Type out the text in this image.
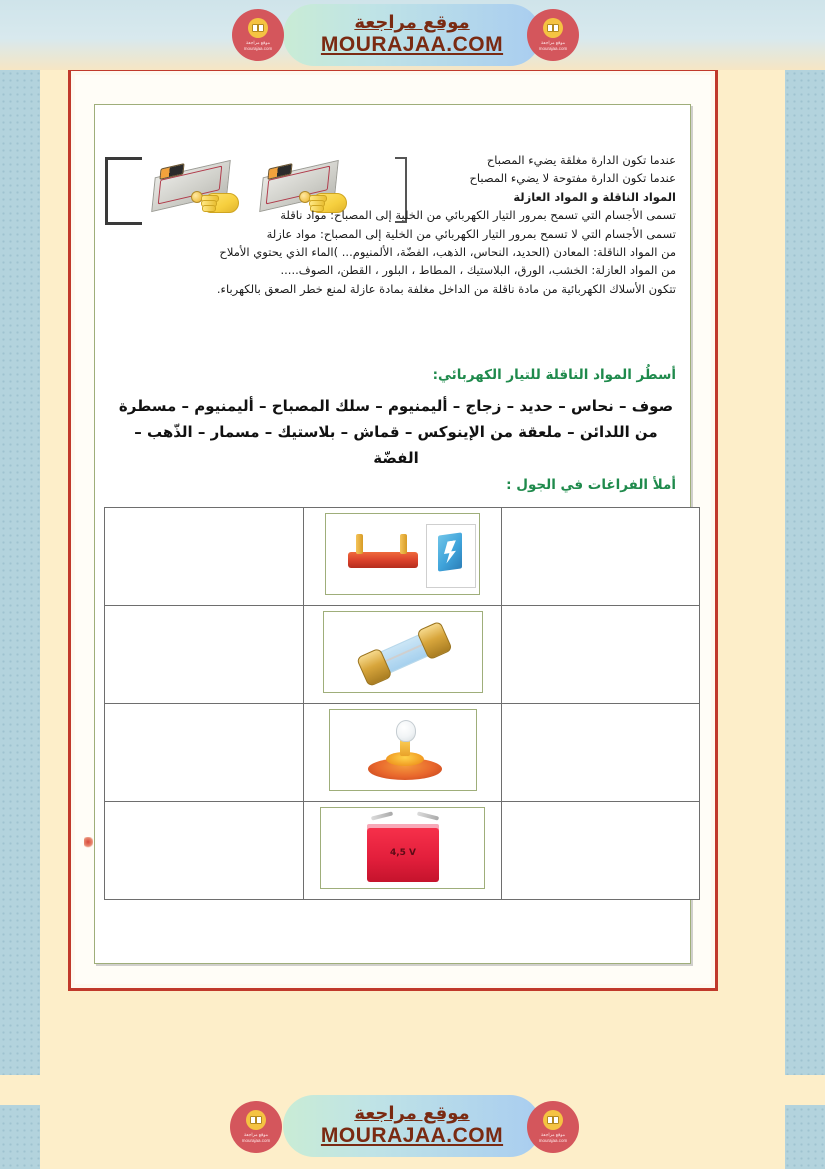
موقع مراجعة
MOURAJAA.COM
موقع مراجعة
mourajaa.com
موقع مراجعة
mourajaa.com
عندما تكون الدارة مغلقة يضيء المصباح
عندما تكون الدارة مفتوحة لا يضيء المصباح
المواد الناقلة و المواد العازلة
تسمى الأجسام التي تسمح بمرور التيار الكهربائي من الخلية إلى المصباح: مواد ناقلة
تسمى الأجسام التي لا تسمح بمرور التيار الكهربائي من الخلية إلى المصباح: مواد عازلة
من المواد الناقلة: المعادن (الحديد، النحاس، الذهب، الفضّة، الألمنيوم... )الماء الذي يحتوي الأملاح
من المواد العازلة: الخشب، الورق، البلاستيك ، المطاط ، البلور ، القطن، الصوف.....
تتكون الأسلاك الكهربائية من مادة ناقلة من الداخل مغلفة بمادة عازلة لمنع خطر الصعق بالكهرباء.
أسطُر المواد الناقلة للتيار الكهربائي:
صوف – نحاس – حديد – زجاج – أليمنيوم – سلك المصباح – أليمنيوم – مسطرة
من اللدائن – ملعقة من الإينوكس – قماش – بلاستيك – مسمار – الذّهب – الفضّة
أملأ الفراغات في الجول :

	4,5 V	

موقع مراجعة
MOURAJAA.COM
موقع مراجعة
mourajaa.com
موقع مراجعة
mourajaa.com
